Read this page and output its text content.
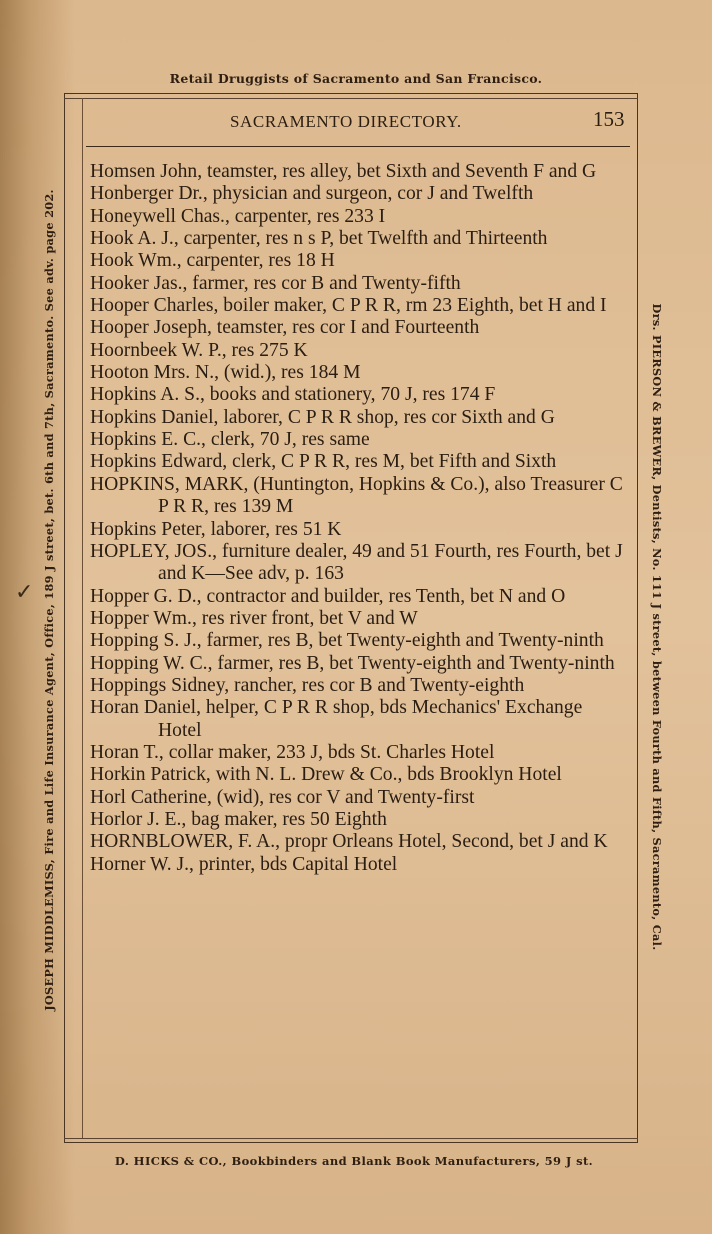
Retail Druggists of Sacramento and San Francisco.
SACRAMENTO DIRECTORY.	153

Homsen John, teamster, res alley, bet Sixth and Seventh F and G

Honberger Dr., physician and surgeon, cor J and Twelfth

Honeywell Chas., carpenter, res 233 I

Hook A. J., carpenter, res n s P, bet Twelfth and Thirteenth

Hook Wm., carpenter, res 18 H

Hooker Jas., farmer, res cor B and Twenty-fifth

Hooper Charles, boiler maker, C P R R, rm 23 Eighth, bet H and I

Hooper Joseph, teamster, res cor I and Fourteenth

Hoornbeek W. P., res 275 K

Hooton Mrs. N., (wid.), res 184 M

Hopkins A. S., books and stationery, 70 J, res 174 F

Hopkins Daniel, laborer, C P R R shop, res cor Sixth and G

Hopkins E. C., clerk, 70 J, res same

Hopkins Edward, clerk, C P R R, res M, bet Fifth and Sixth

HOPKINS, MARK, (Huntington, Hopkins & Co.), also Treasurer C P R R, res 139 M

Hopkins Peter, laborer, res 51 K

HOPLEY, JOS., furniture dealer, 49 and 51 Fourth, res Fourth, bet J and K—See adv, p. 163

Hopper G. D., contractor and builder, res Tenth, bet N and O

Hopper Wm., res river front, bet V and W

Hopping S. J., farmer, res B, bet Twenty-eighth and Twenty-ninth

Hopping W. C., farmer, res B, bet Twenty-eighth and Twenty-ninth

Hoppings Sidney, rancher, res cor B and Twenty-eighth

Horan Daniel, helper, C P R R shop, bds Mechanics' Exchange Hotel

Horan T., collar maker, 233 J, bds St. Charles Hotel

Horkin Patrick, with N. L. Drew & Co., bds Brooklyn Hotel

Horl Catherine, (wid), res cor V and Twenty-first

Horlor J. E., bag maker, res 50 Eighth

HORNBLOWER, F. A., propr Orleans Hotel, Second, bet J and K

Horner W. J., printer, bds Capital Hotel

JOSEPH MIDDLEMISS, Fire and Life Insurance Agent, Office, 189 J street, bet. 6th and 7th, Sacramento. See adv. page 202.	Drs. PIERSON & BREWER, Dentists, No. 111 J street, between Fourth and Fifth, Sacramento, Cal.
✓
D. HICKS & CO., Bookbinders and Blank Book Manufacturers, 59 J st.
